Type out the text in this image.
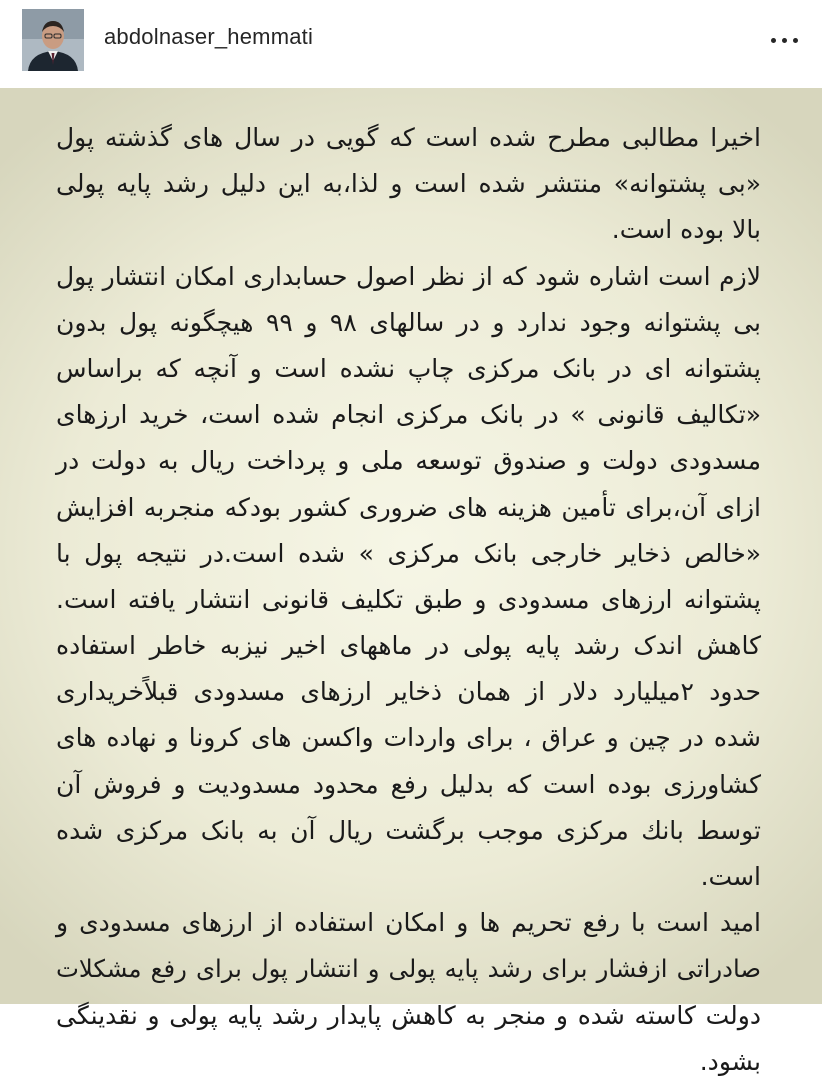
abdolnaser_hemmati
اخیرا مطالبی مطرح شده است که گویی در سال های گذشته پول
«بی پشتوانه» منتشر شده است و لذا،به این دلیل رشد پایه پولی
بالا بوده است.
لازم است اشاره شود که از نظر اصول حسابداری امکان انتشار پول
بی پشتوانه وجود ندارد و در سالهای ۹۸ و ۹۹ هیچگونه پول بدون
پشتوانه ای در بانک مرکزی چاپ نشده است و آنچه که براساس
«تکالیف قانونی » در بانک مرکزی انجام شده است، خرید ارزهای
مسدودی دولت و صندوق توسعه ملی و پرداخت ریال به دولت در
ازای آن،برای تأمین هزینه های ضروری کشور بودکه منجربه افزایش
«خالص ذخایر خارجی بانک مرکزی » شده است.در نتیجه پول با
پشتوانه ارزهای مسدودی و طبق تکلیف قانونی انتشار یافته است.
کاهش اندک رشد پایه پولی در ماههای اخیر نیزبه خاطر استفاده
حدود ۲میلیارد دلار از همان ذخایر ارزهای مسدودی قبلاًخریداری
شده در چین و عراق ، برای واردات واکسن های کرونا و نهاده های
کشاورزی بوده است که بدلیل رفع محدود مسدودیت و فروش آن
توسط بانك مرکزی موجب برگشت ریال آن به بانک مرکزی شده
است.
امید است با رفع تحریم ها و امکان استفاده از ارزهای مسدودی و
صادراتی ازفشار برای رشد پایه پولی و انتشار پول برای رفع مشکلات
دولت کاسته شده و منجر به کاهش پایدار رشد پایه پولی و نقدینگی
بشود.
